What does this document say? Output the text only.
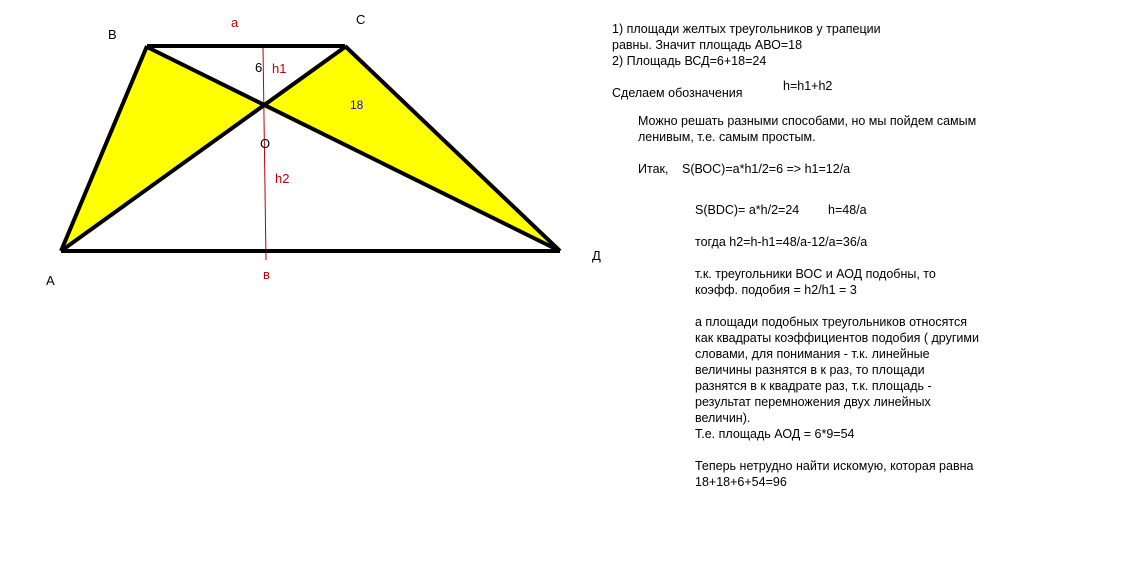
В
С
А
Д
О
а
h1
h2
в
6
18
1) площади желтых треугольников у трапеции
равны. Значит площадь АВО=18
2) Площадь ВСД=6+18=24
Сделаем обозначения	h=h1+h2
Можно решать разными способами, но мы пойдем самым
ленивым, т.е. самым простым.
Итак, S(ВОС)=a*h1/2=6 => h1=12/a
S(BDC)= a*h/2=24 h=48/a
тогда h2=h-h1=48/a-12/a=36/a
т.к. треугольники ВОС и АОД подобны, то
коэфф. подобия = h2/h1 = 3
а площади подобных треугольников относятся
как квадраты коэффициентов подобия ( другими
словами, для понимания - т.к. линейные
величины разнятся в к раз, то площади
разнятся в к квадрате раз, т.к. площадь -
результат перемножения двух линейных
величин).
Т.е. площадь АОД = 6*9=54
Теперь нетрудно найти искомую, которая равна
18+18+6+54=96
